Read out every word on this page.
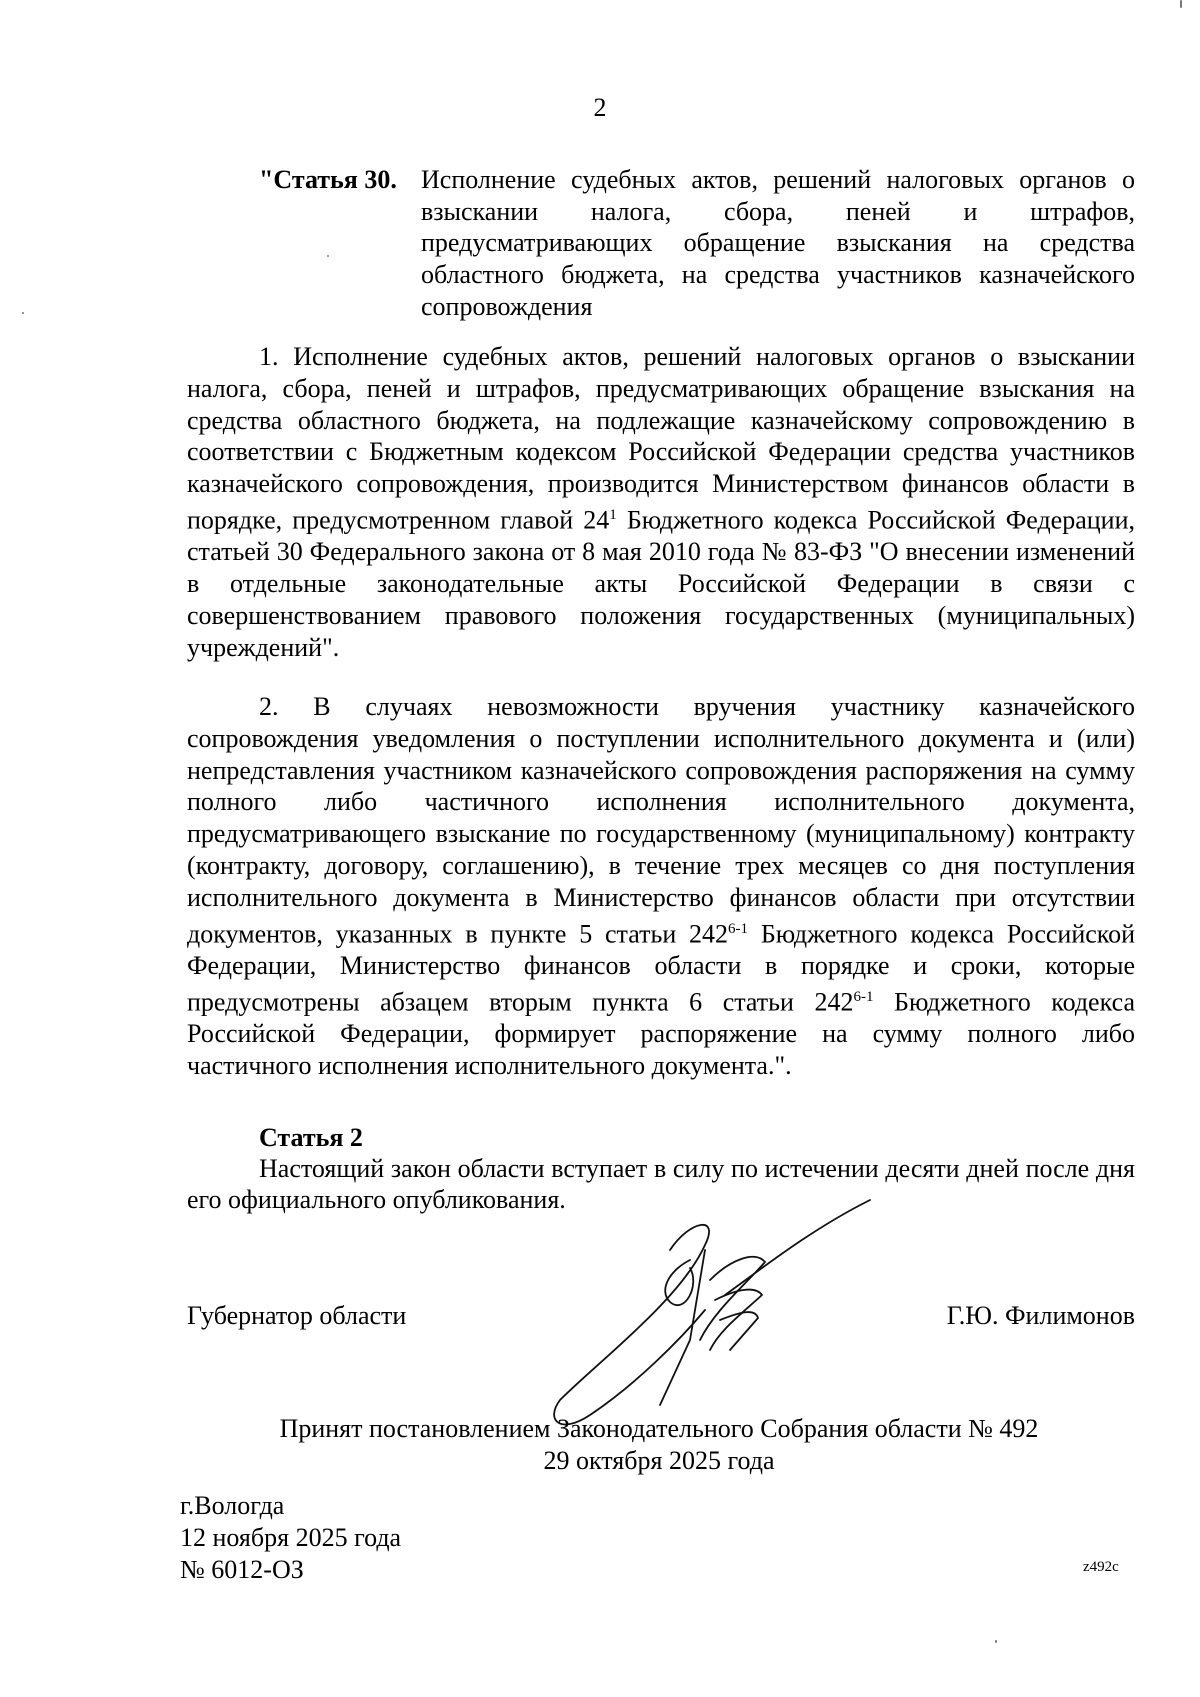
2
"Статья 30. Исполнение судебных актов, решений налоговых органов о взыскании налога, сбора, пеней и штрафов, предусматривающих обращение взыскания на средства областного бюджета, на средства участников казначейского сопровождения

1. Исполнение судебных актов, решений налоговых органов о взыскании налога, сбора, пеней и штрафов, предусматривающих обращение взыскания на средства областного бюджета, на подлежащие казначейскому сопровождению в соответствии с Бюджетным кодексом Российской Федерации средства участников казначейского сопровождения, производится Министерством финансов области в порядке, предусмотренном главой $24^1$ Бюджетного кодекса Российской Федерации, статьей 30 Федерального закона от 8 мая 2010 года № 83-ФЗ "О внесении изменений в отдельные законодательные акты Российской Федерации в связи с совершенствованием правового положения государственных (муниципальных) учреждений".

2. В случаях невозможности вручения участнику казначейского сопровождения уведомления о поступлении исполнительного документа и (или) непредставления участником казначейского сопровождения распоряжения на сумму полного либо частичного исполнения исполнительного документа, предусматривающего взыскание по государственному (муниципальному) контракту (контракту, договору, соглашению), в течение трех месяцев со дня поступления исполнительного документа в Министерство финансов области при отсутствии документов, указанных в пункте 5 статьи 242$^{6-1}$ Бюджетного кодекса Российской Федерации, Министерство финансов области в порядке и сроки, которые предусмотрены абзацем вторым пункта 6 статьи 242$^{6-1}$ Бюджетного кодекса Российской Федерации, формирует распоряжение на сумму полного либо частичного исполнения исполнительного документа.".

Статья 2

Настоящий закон области вступает в силу по истечении десяти дней после дня его официального опубликования.

Губернатор области	Г.Ю. Филимонов
Принят постановлением Законодательного Собрания области № 492
29 октября 2025 года
г.Вологда
12 ноября 2025 года
№ 6012-ОЗ	z492c
